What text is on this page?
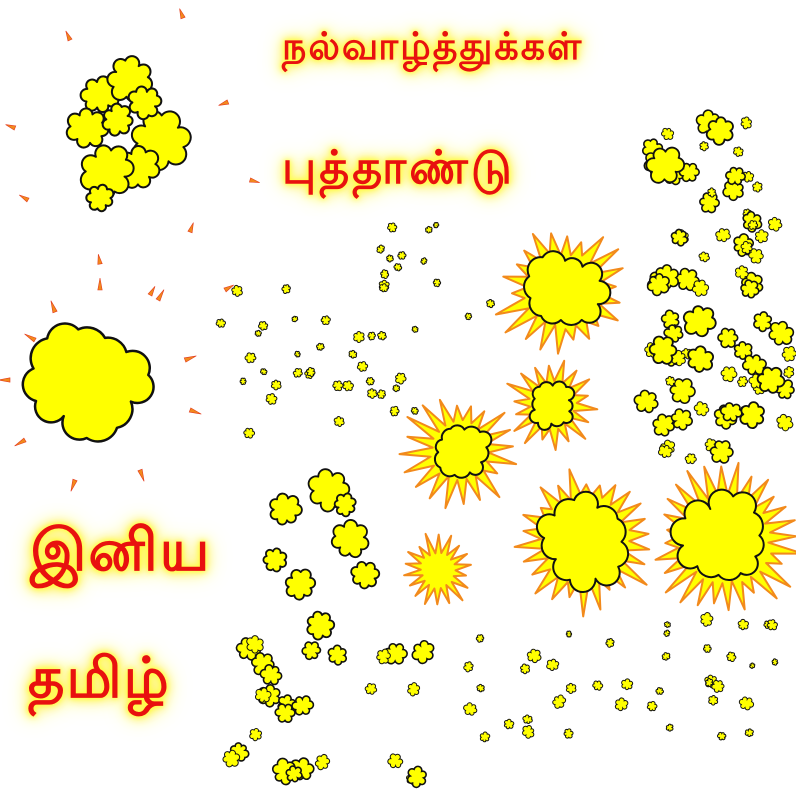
நல்வாழ்த்துக்கள்
புத்தாண்டு
இனிய
தமிழ்
